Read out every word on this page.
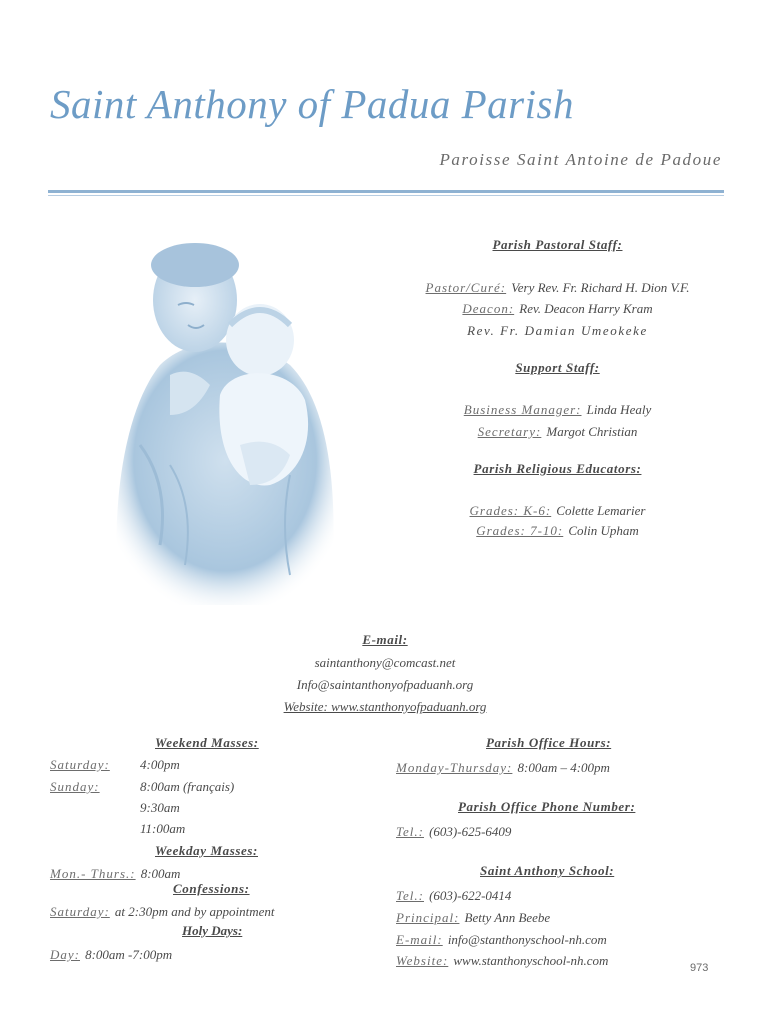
Saint Anthony of Padua Parish
Paroisse Saint Antoine de Padoue
Parish Pastoral Staff:
Pastor/Curé: Very Rev. Fr. Richard H. Dion V.F.
Deacon: Rev. Deacon Harry Kram
Rev. Fr. Damian Umeokeke
Support Staff:
Business Manager: Linda Healy
Secretary: Margot Christian
Parish Religious Educators:
Grades: K-6: Colette Lemarier
Grades: 7-10: Colin Upham
E-mail:
saintanthony@comcast.net
Info@saintanthonyofpaduanh.org
Website: www.stanthonyofpaduanh.org
Weekend Masses:
Saturday: 4:00pm
Sunday:	8:00am (français)
9:30am
11:00am
Weekday Masses:
Mon.- Thurs.: 8:00am
Confessions:
Saturday: at 2:30pm and by appointment
Holy Days:
Day: 8:00am -7:00pm
Parish Office Hours:
Monday-Thursday: 8:00am – 4:00pm
Parish Office Phone Number:
Tel.: (603)-625-6409
Saint Anthony School:
Tel.: (603)-622-0414
Principal: Betty Ann Beebe
E-mail: info@stanthonyschool-nh.com
Website: www.stanthonyschool-nh.com	973
